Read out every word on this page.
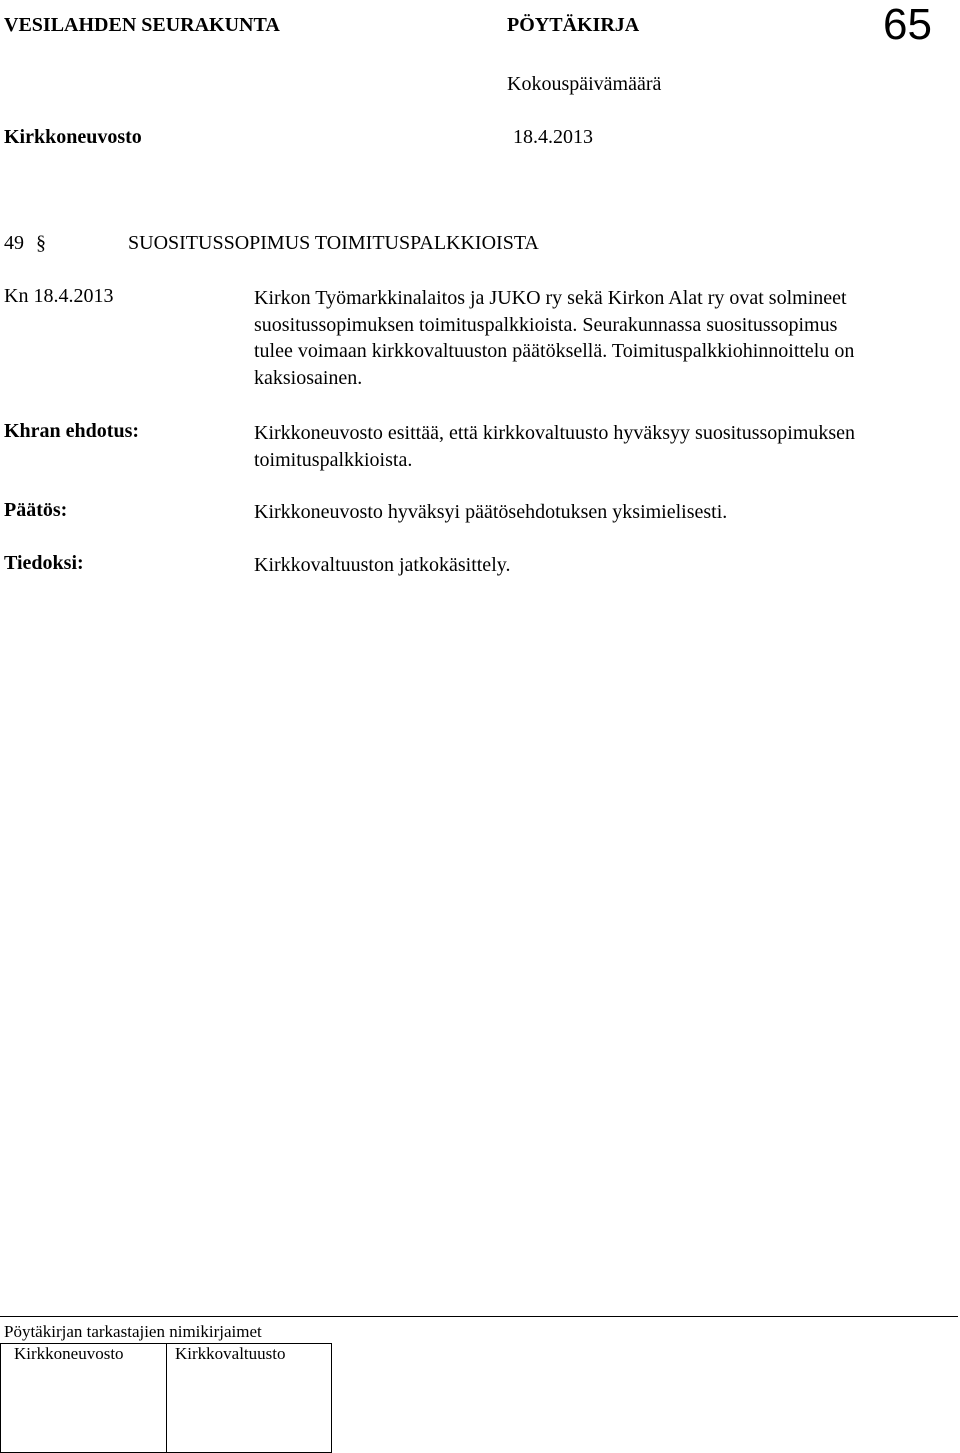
VESILAHDEN SEURAKUNTA	PÖYTÄKIRJA	65
Kokouspäivämäärä
Kirkkoneuvosto	18.4.2013
49 §	SUOSITUSSOPIMUS TOIMITUSPALKKIOISTA
Kn 18.4.2013	Kirkon Työmarkkinalaitos ja JUKO ry sekä Kirkon Alat ry ovat solmineet
suositussopimuksen toimituspalkkioista. Seurakunnassa suositussopimus
tulee voimaan kirkkovaltuuston päätöksellä. Toimituspalkkiohinnoittelu on
kaksiosainen.
Khran ehdotus:	Kirkkoneuvosto esittää, että kirkkovaltuusto hyväksyy suositussopimuksen
toimituspalkkioista.
Päätös:	Kirkkoneuvosto hyväksyi päätösehdotuksen yksimielisesti.
Tiedoksi:	Kirkkovaltuuston jatkokäsittely.
Pöytäkirjan tarkastajien nimikirjaimet
Kirkkoneuvosto	Kirkkovaltuusto
